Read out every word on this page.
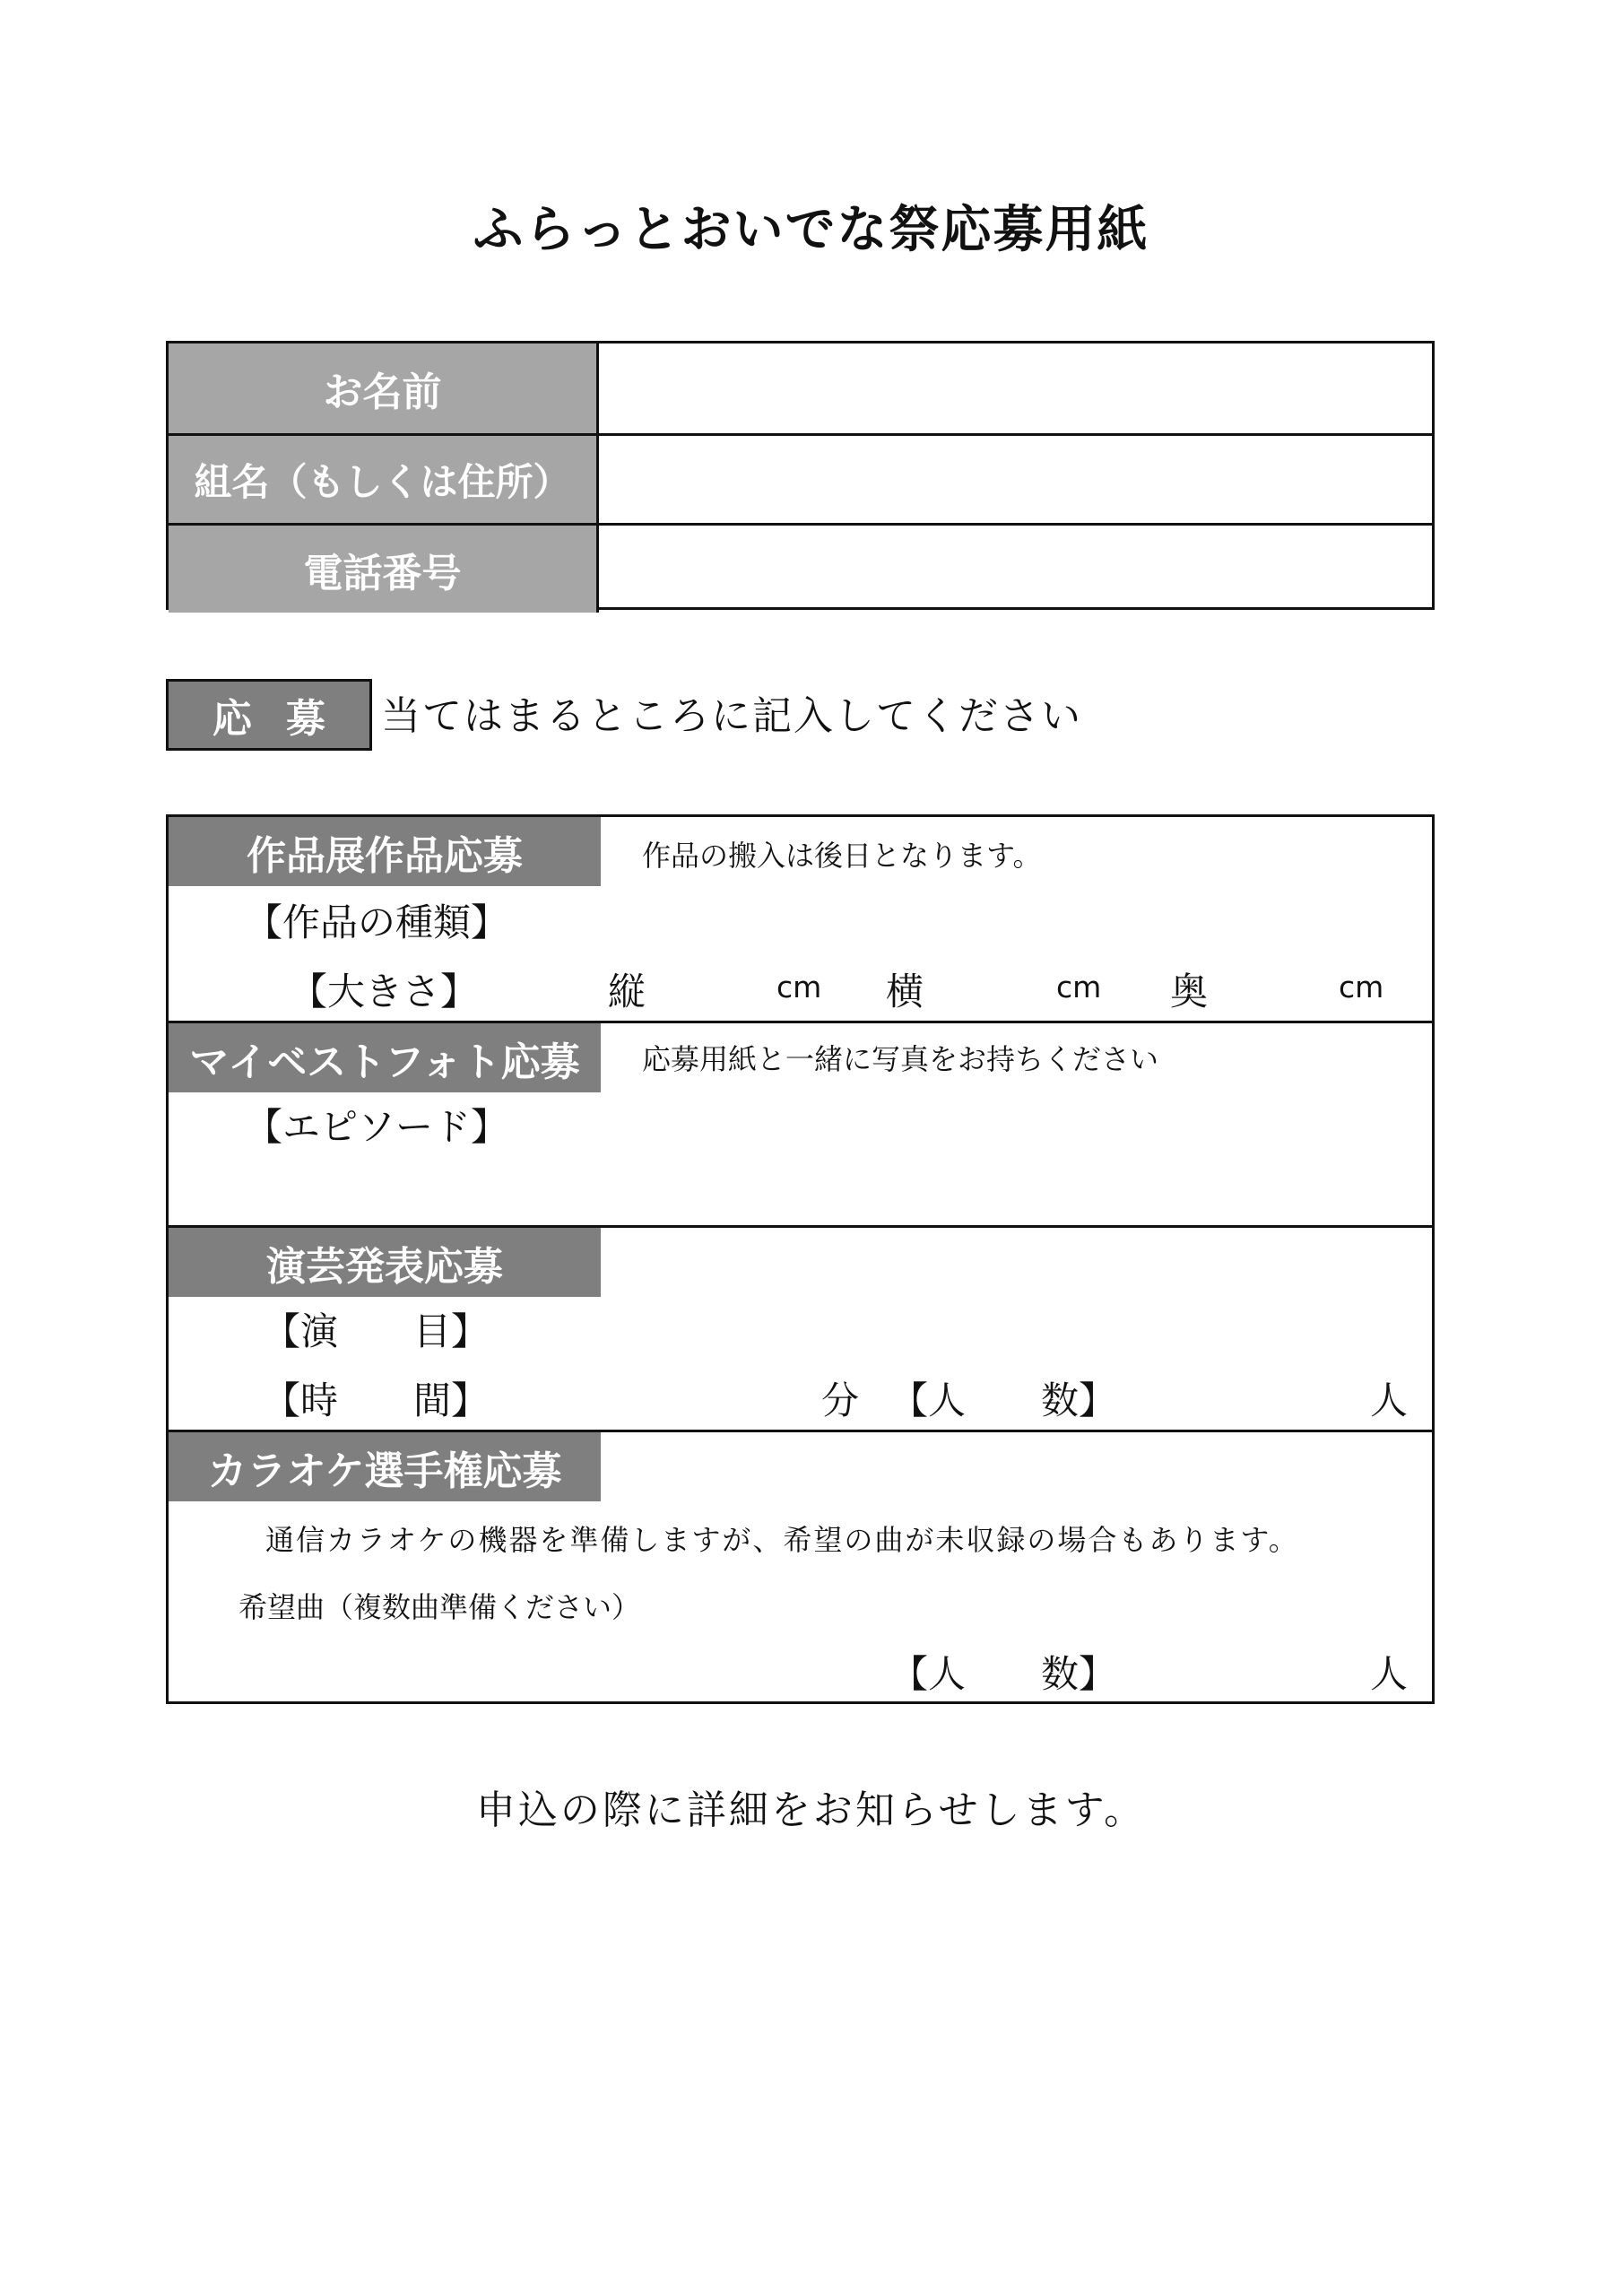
ふらっとおいでな祭応募用紙
お名前
組名（もしくは住所）
電話番号
応募 当てはまるところに記入してください
作品展作品応募	作品の搬入は後日となります。
【作品の種類】
【大きさ】	縦	cm 横	cm 奥	cm
マイベストフォト応募	応募用紙と一緒に写真をお持ちください
【エピソード】
演芸発表応募
【演　　目】
【時　　間】	分 【人　　数】	人
カラオケ選手権応募
通信カラオケの機器を準備しますが、希望の曲が未収録の場合もあります。
希望曲（複数曲準備ください）
【人　　数】	人
申込の際に詳細をお知らせします。
